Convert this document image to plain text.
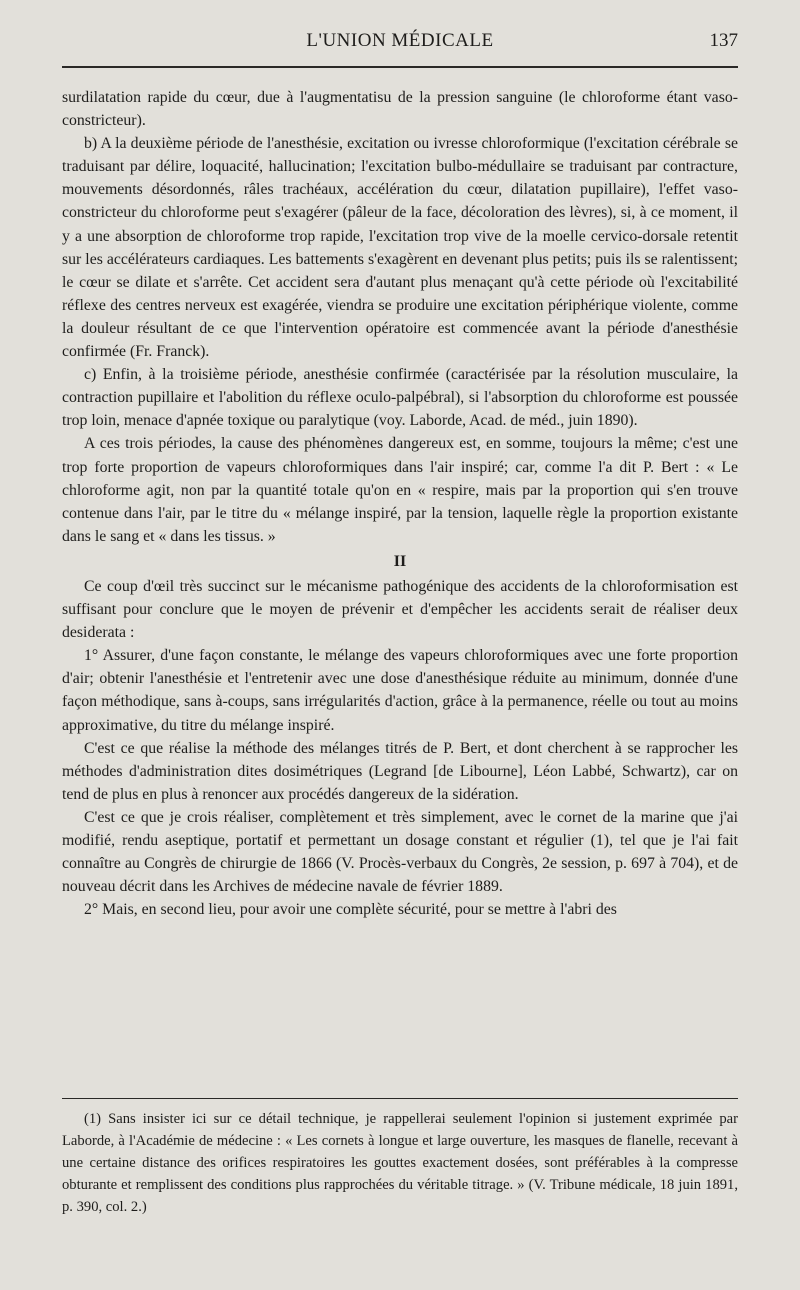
L'UNION MÉDICALE	137

surdilatation rapide du cœur, due à l'augmentatisu de la pression sanguine (le chloroforme étant vaso-constricteur).

b) A la deuxième période de l'anesthésie, excitation ou ivresse chloroformique (l'excitation cérébrale se traduisant par délire, loquacité, hallucination; l'excitation bulbo-médullaire se traduisant par contracture, mouvements désordonnés, râles trachéaux, accélération du cœur, dilatation pupillaire), l'effet vaso-constricteur du chloroforme peut s'exagérer (pâleur de la face, décoloration des lèvres), si, à ce moment, il y a une absorption de chloroforme trop rapide, l'excitation trop vive de la moelle cervico-dorsale retentit sur les accélérateurs cardiaques. Les battements s'exagèrent en devenant plus petits; puis ils se ralentissent; le cœur se dilate et s'arrête. Cet accident sera d'autant plus menaçant qu'à cette période où l'excitabilité réflexe des centres nerveux est exagérée, viendra se produire une excitation périphérique violente, comme la douleur résultant de ce que l'intervention opératoire est commencée avant la période d'anesthésie confirmée (Fr. Franck).

c) Enfin, à la troisième période, anesthésie confirmée (caractérisée par la résolution musculaire, la contraction pupillaire et l'abolition du réflexe oculo-palpébral), si l'absorption du chloroforme est poussée trop loin, menace d'apnée toxique ou paralytique (voy. Laborde, Acad. de méd., juin 1890).

A ces trois périodes, la cause des phénomènes dangereux est, en somme, toujours la même; c'est une trop forte proportion de vapeurs chloroformiques dans l'air inspiré; car, comme l'a dit P. Bert : « Le chloroforme agit, non par la quantité totale qu'on en « respire, mais par la proportion qui s'en trouve contenue dans l'air, par le titre du « mélange inspiré, par la tension, laquelle règle la proportion existante dans le sang et « dans les tissus. »

II

Ce coup d'œil très succinct sur le mécanisme pathogénique des accidents de la chloroformisation est suffisant pour conclure que le moyen de prévenir et d'empêcher les accidents serait de réaliser deux desiderata :

1° Assurer, d'une façon constante, le mélange des vapeurs chloroformiques avec une forte proportion d'air; obtenir l'anesthésie et l'entretenir avec une dose d'anesthésique réduite au minimum, donnée d'une façon méthodique, sans à-coups, sans irrégularités d'action, grâce à la permanence, réelle ou tout au moins approximative, du titre du mélange inspiré.

C'est ce que réalise la méthode des mélanges titrés de P. Bert, et dont cherchent à se rapprocher les méthodes d'administration dites dosimétriques (Legrand [de Libourne], Léon Labbé, Schwartz), car on tend de plus en plus à renoncer aux procédés dangereux de la sidération.

C'est ce que je crois réaliser, complètement et très simplement, avec le cornet de la marine que j'ai modifié, rendu aseptique, portatif et permettant un dosage constant et régulier (1), tel que je l'ai fait connaître au Congrès de chirurgie de 1866 (V. Procès-verbaux du Congrès, 2e session, p. 697 à 704), et de nouveau décrit dans les Archives de médecine navale de février 1889.

2° Mais, en second lieu, pour avoir une complète sécurité, pour se mettre à l'abri des

(1) Sans insister ici sur ce détail technique, je rappellerai seulement l'opinion si justement exprimée par Laborde, à l'Académie de médecine : « Les cornets à longue et large ouverture, les masques de flanelle, recevant à une certaine distance des orifices respiratoires les gouttes exactement dosées, sont préférables à la compresse obturante et remplissent des conditions plus rapprochées du véritable titrage. » (V. Tribune médicale, 18 juin 1891, p. 390, col. 2.)
